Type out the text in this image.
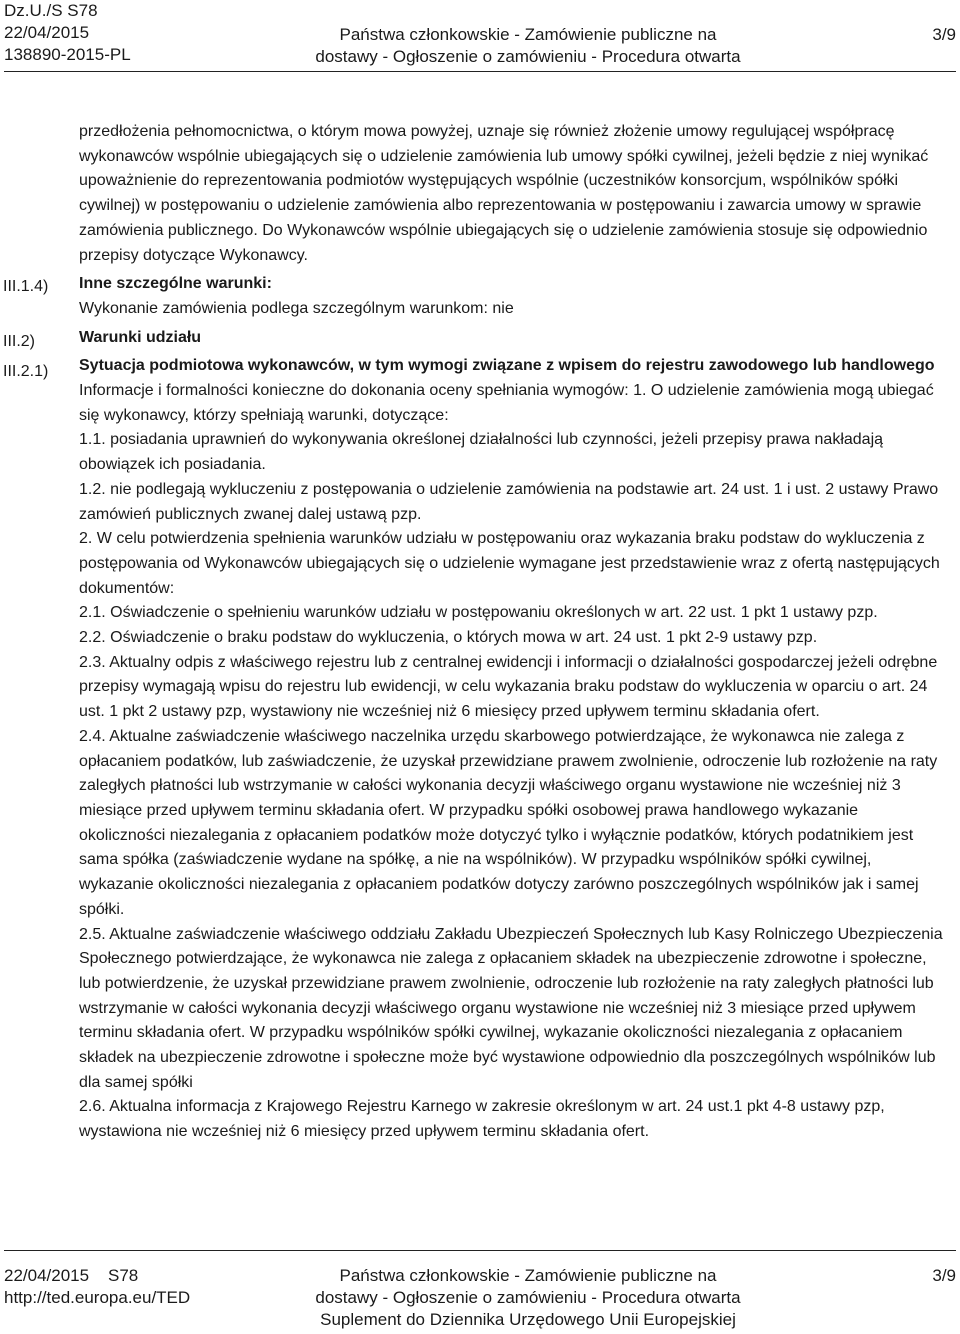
Dz.U./S S78
22/04/2015
138890-2015-PL
Państwa członkowskie - Zamówienie publiczne na
dostawy - Ogłoszenie o zamówieniu - Procedura otwarta
3/9
III.1.4)
III.2)
III.2.1)

przedłożenia pełnomocnictwa, o którym mowa powyżej, uznaje się również złożenie umowy regulującej współpracę wykonawców wspólnie ubiegających się o udzielenie zamówienia lub umowy spółki cywilnej, jeżeli będzie z niej wynikać upoważnienie do reprezentowania podmiotów występujących wspólnie (uczestników konsorcjum, wspólników spółki cywilnej) w postępowaniu o udzielenie zamówienia albo reprezentowania w postępowaniu i zawarcia umowy w sprawie zamówienia publicznego. Do Wykonawców wspólnie ubiegających się o udzielenie zamówienia stosuje się odpowiednio przepisy dotyczące Wykonawcy.

Inne szczególne warunki:

Wykonanie zamówienia podlega szczególnym warunkom: nie

Warunki udziału

Sytuacja podmiotowa wykonawców, w tym wymogi związane z wpisem do rejestru zawodowego lub handlowego

Informacje i formalności konieczne do dokonania oceny spełniania wymogów: 1. O udzielenie zamówienia mogą ubiegać się wykonawcy, którzy spełniają warunki, dotyczące:

1.1. posiadania uprawnień do wykonywania określonej działalności lub czynności, jeżeli przepisy prawa nakładają obowiązek ich posiadania.

1.2. nie podlegają wykluczeniu z postępowania o udzielenie zamówienia na podstawie art. 24 ust. 1 i ust. 2 ustawy Prawo zamówień publicznych zwanej dalej ustawą pzp.

2. W celu potwierdzenia spełnienia warunków udziału w postępowaniu oraz wykazania braku podstaw do wykluczenia z postępowania od Wykonawców ubiegających się o udzielenie wymagane jest przedstawienie wraz z ofertą następujących dokumentów:

2.1. Oświadczenie o spełnieniu warunków udziału w postępowaniu określonych w art. 22 ust. 1 pkt 1 ustawy pzp.

2.2. Oświadczenie o braku podstaw do wykluczenia, o których mowa w art. 24 ust. 1 pkt 2-9 ustawy pzp.

2.3. Aktualny odpis z właściwego rejestru lub z centralnej ewidencji i informacji o działalności gospodarczej jeżeli odrębne przepisy wymagają wpisu do rejestru lub ewidencji, w celu wykazania braku podstaw do wykluczenia w oparciu o art. 24 ust. 1 pkt 2 ustawy pzp, wystawiony nie wcześniej niż 6 miesięcy przed upływem terminu składania ofert.

2.4. Aktualne zaświadczenie właściwego naczelnika urzędu skarbowego potwierdzające, że wykonawca nie zalega z opłacaniem podatków, lub zaświadczenie, że uzyskał przewidziane prawem zwolnienie, odroczenie lub rozłożenie na raty zaległych płatności lub wstrzymanie w całości wykonania decyzji właściwego organu wystawione nie wcześniej niż 3 miesiące przed upływem terminu składania ofert. W przypadku spółki osobowej prawa handlowego wykazanie okoliczności niezalegania z opłacaniem podatków może dotyczyć tylko i wyłącznie podatków, których podatnikiem jest sama spółka (zaświadczenie wydane na spółkę, a nie na wspólników). W przypadku wspólników spółki cywilnej, wykazanie okoliczności niezalegania z opłacaniem podatków dotyczy zarówno poszczególnych wspólników jak i samej spółki.

2.5. Aktualne zaświadczenie właściwego oddziału Zakładu Ubezpieczeń Społecznych lub Kasy Rolniczego Ubezpieczenia Społecznego potwierdzające, że wykonawca nie zalega z opłacaniem składek na ubezpieczenie zdrowotne i społeczne, lub potwierdzenie, że uzyskał przewidziane prawem zwolnienie, odroczenie lub rozłożenie na raty zaległych płatności lub wstrzymanie w całości wykonania decyzji właściwego organu wystawione nie wcześniej niż 3 miesiące przed upływem terminu składania ofert. W przypadku wspólników spółki cywilnej, wykazanie okoliczności niezalegania z opłacaniem składek na ubezpieczenie zdrowotne i społeczne może być wystawione odpowiednio dla poszczególnych wspólników lub dla samej spółki

2.6. Aktualna informacja z Krajowego Rejestru Karnego w zakresie określonym w art. 24 ust.1 pkt 4-8 ustawy pzp, wystawiona nie wcześniej niż 6 miesięcy przed upływem terminu składania ofert.

22/04/2015    S78
http://ted.europa.eu/TED
Państwa członkowskie - Zamówienie publiczne na
dostawy - Ogłoszenie o zamówieniu - Procedura otwarta
Suplement do Dziennika Urzędowego Unii Europejskiej
3/9
